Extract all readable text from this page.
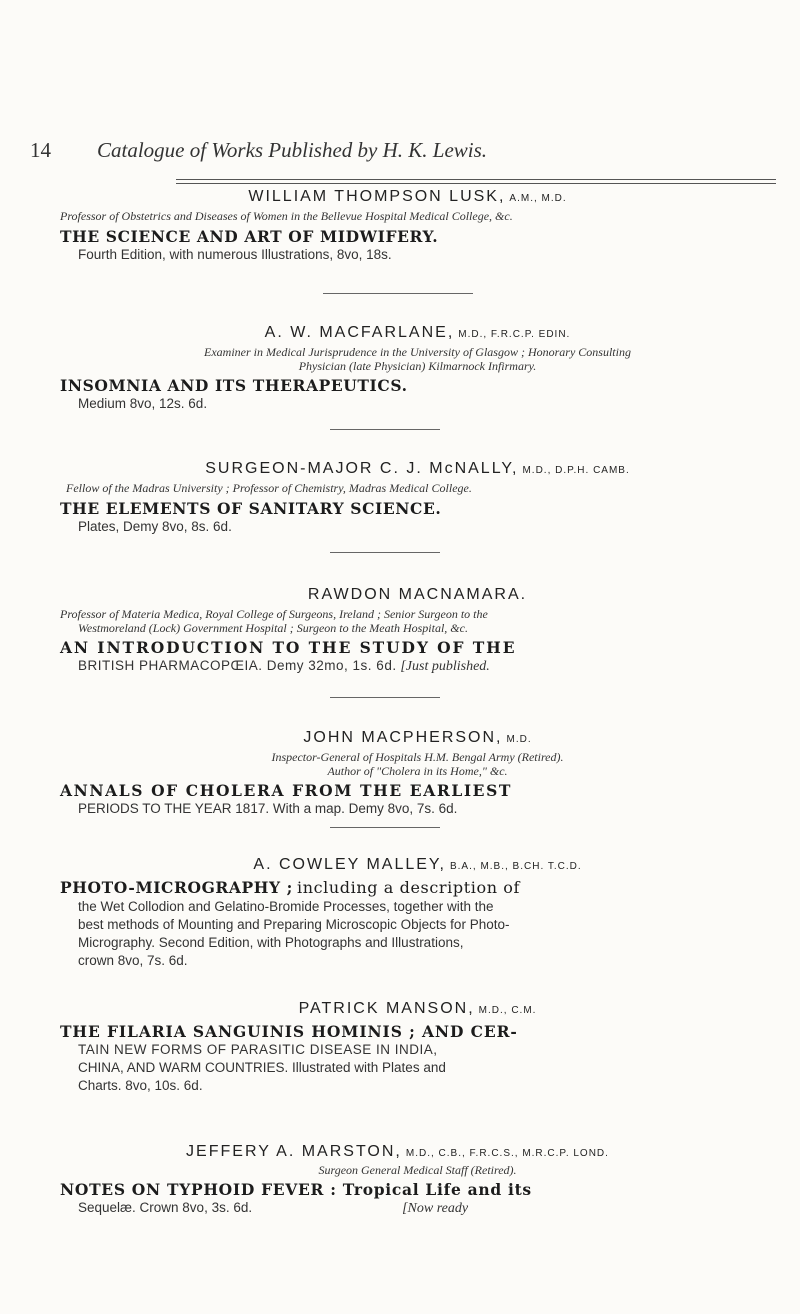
14 Catalogue of Works Published by H. K. Lewis.
WILLIAM THOMPSON LUSK, A.M., M.D.
Professor of Obstetrics and Diseases of Women in the Bellevue Hospital Medical College, &c.
THE SCIENCE AND ART OF MIDWIFERY.
Fourth Edition, with numerous Illustrations, 8vo, 18s.
A. W. MACFARLANE, M.D., F.R.C.P. EDIN.
Examiner in Medical Jurisprudence in the University of Glasgow ; Honorary Consulting
Physician (late Physician) Kilmarnock Infirmary.
INSOMNIA AND ITS THERAPEUTICS.
Medium 8vo, 12s. 6d.
SURGEON-MAJOR C. J. McNALLY, M.D., D.P.H. CAMB.
Fellow of the Madras University ; Professor of Chemistry, Madras Medical College.
THE ELEMENTS OF SANITARY SCIENCE.
Plates, Demy 8vo, 8s. 6d.
RAWDON MACNAMARA.
Professor of Materia Medica, Royal College of Surgeons, Ireland ; Senior Surgeon to the
Westmoreland (Lock) Government Hospital ; Surgeon to the Meath Hospital, &c.
AN INTRODUCTION TO THE STUDY OF THE
BRITISH PHARMACOPŒIA. Demy 32mo, 1s. 6d. [Just published.
JOHN MACPHERSON, M.D.
Inspector-General of Hospitals H.M. Bengal Army (Retired).
Author of "Cholera in its Home," &c.
ANNALS OF CHOLERA FROM THE EARLIEST
PERIODS TO THE YEAR 1817. With a map. Demy 8vo, 7s. 6d.
A. COWLEY MALLEY, B.A., M.B., B.CH. T.C.D.
PHOTO-MICROGRAPHY ; including a description of
the Wet Collodion and Gelatino-Bromide Processes, together with the
best methods of Mounting and Preparing Microscopic Objects for Photo-
Micrography. Second Edition, with Photographs and Illustrations,
crown 8vo, 7s. 6d.
PATRICK MANSON, M.D., C.M.
THE FILARIA SANGUINIS HOMINIS ; AND CER-
TAIN NEW FORMS OF PARASITIC DISEASE IN INDIA,
CHINA, AND WARM COUNTRIES. Illustrated with Plates and
Charts. 8vo, 10s. 6d.
JEFFERY A. MARSTON, M.D., C.B., F.R.C.S., M.R.C.P. LOND.
Surgeon General Medical Staff (Retired).
NOTES ON TYPHOID FEVER : Tropical Life and its
Sequelæ. Crown 8vo, 3s. 6d.	[Now ready
